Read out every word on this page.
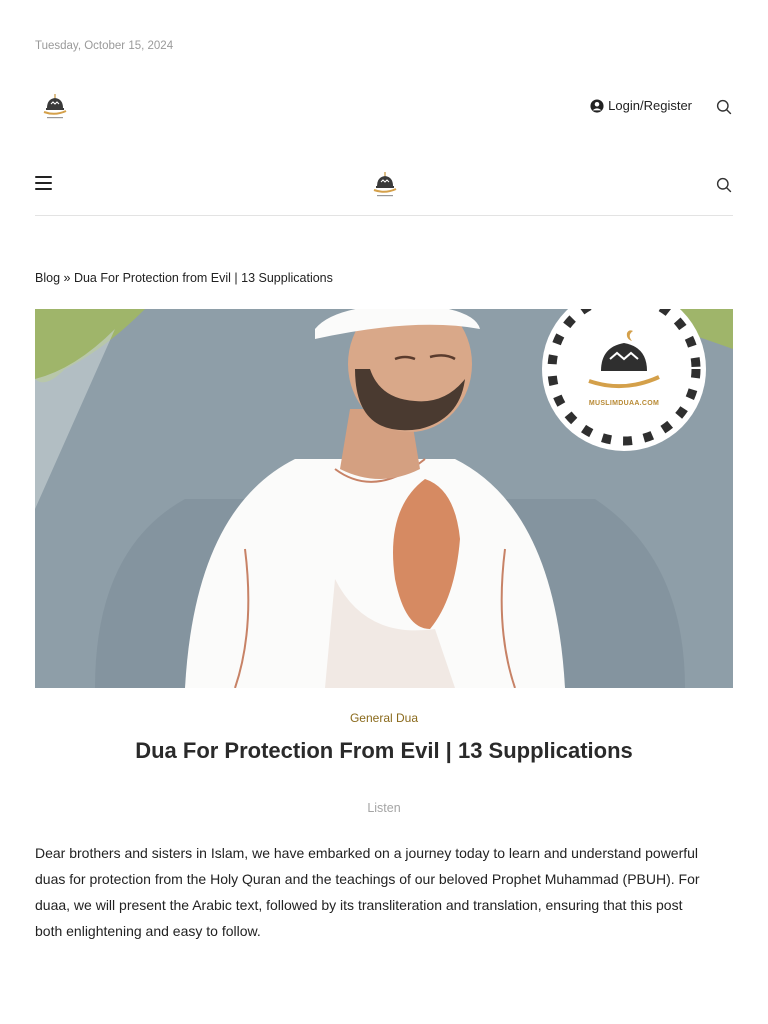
Tuesday, October 15, 2024
Login/Register
Blog » Dua For Protection from Evil | 13 Supplications
MUSLIMDUAA.COM
General Dua
Dua For Protection From Evil | 13 Supplications
Listen

Dear brothers and sisters in Islam, we have embarked on a journey today to learn and understand powerful
duas for protection from the Holy Quran and the teachings of our beloved Prophet Muhammad (PBUH). For
duaa, we will present the Arabic text, followed by its transliteration and translation, ensuring that this post
both enlightening and easy to follow.
